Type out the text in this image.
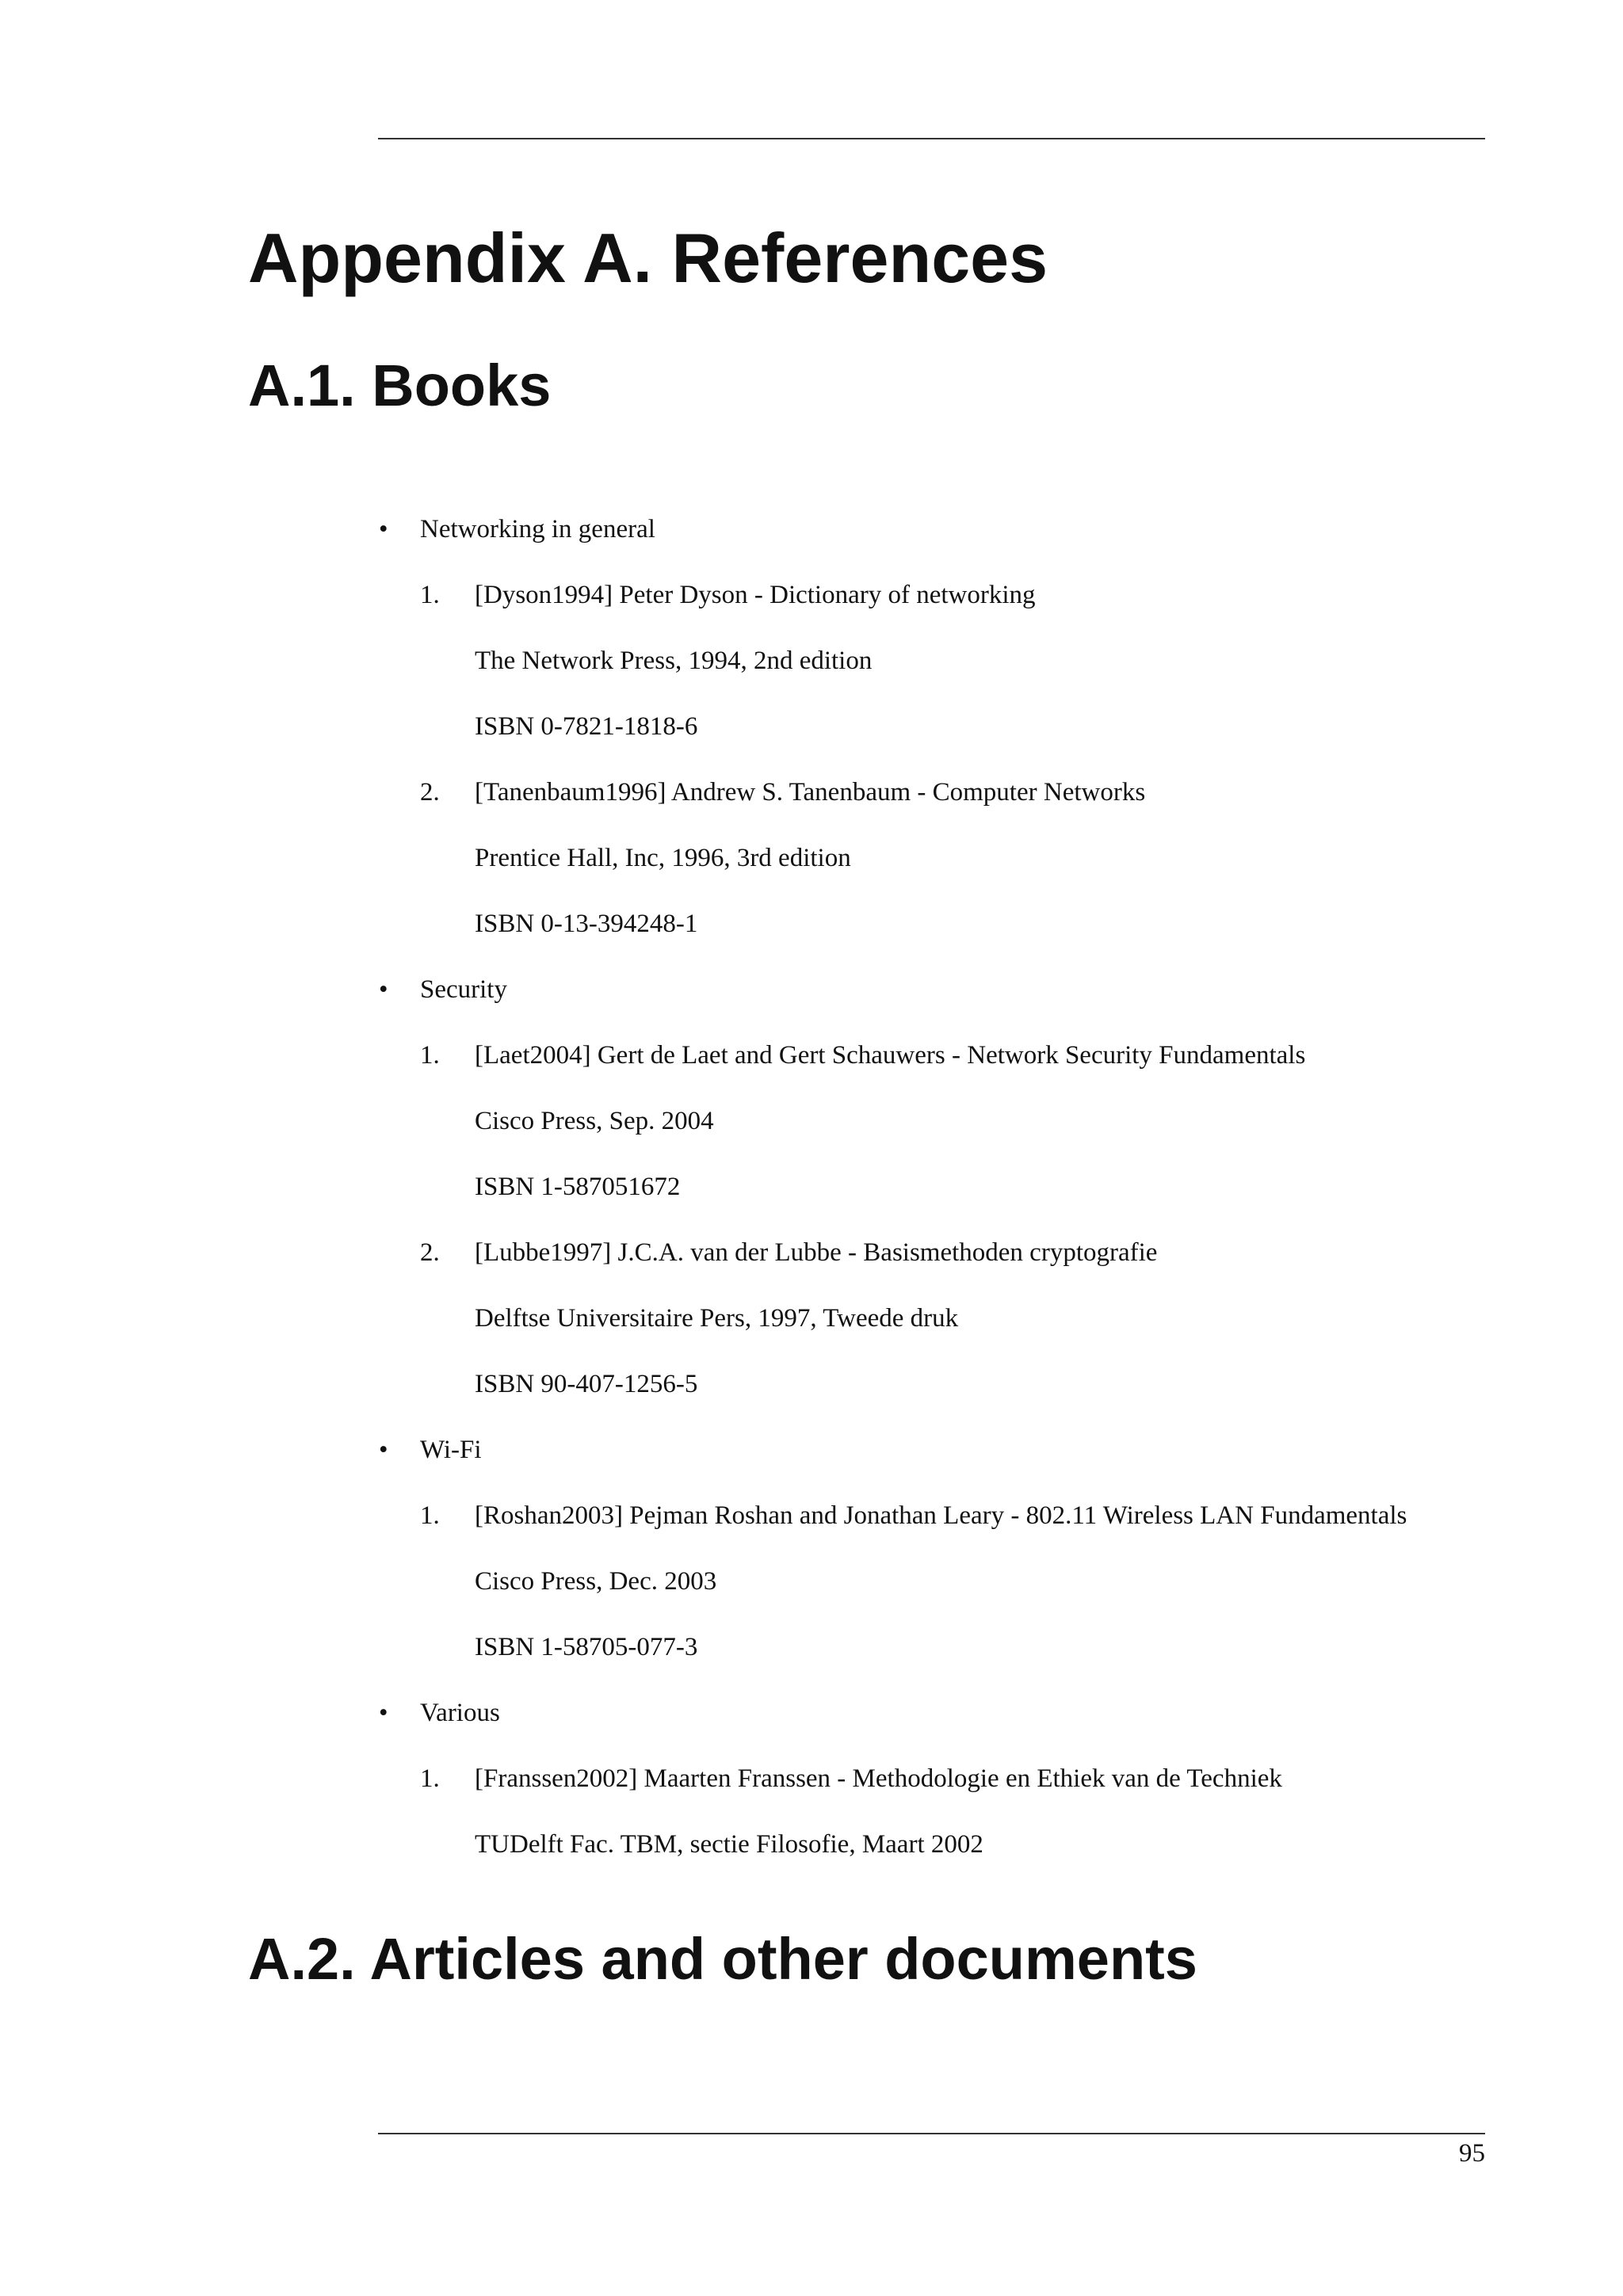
Appendix A. References
A.1. Books
• Networking in general
1. [Dyson1994] Peter Dyson - Dictionary of networking
The Network Press, 1994, 2nd edition
ISBN 0-7821-1818-6
2. [Tanenbaum1996] Andrew S. Tanenbaum - Computer Networks
Prentice Hall, Inc, 1996, 3rd edition
ISBN 0-13-394248-1
• Security
1. [Laet2004] Gert de Laet and Gert Schauwers - Network Security Fundamentals
Cisco Press, Sep. 2004
ISBN 1-587051672
2. [Lubbe1997] J.C.A. van der Lubbe - Basismethoden cryptografie
Delftse Universitaire Pers, 1997, Tweede druk
ISBN 90-407-1256-5
• Wi-Fi
1. [Roshan2003] Pejman Roshan and Jonathan Leary - 802.11 Wireless LAN Fundamentals
Cisco Press, Dec. 2003
ISBN 1-58705-077-3
• Various
1. [Franssen2002] Maarten Franssen - Methodologie en Ethiek van de Techniek
TUDelft Fac. TBM, sectie Filosofie, Maart 2002
A.2. Articles and other documents
95
